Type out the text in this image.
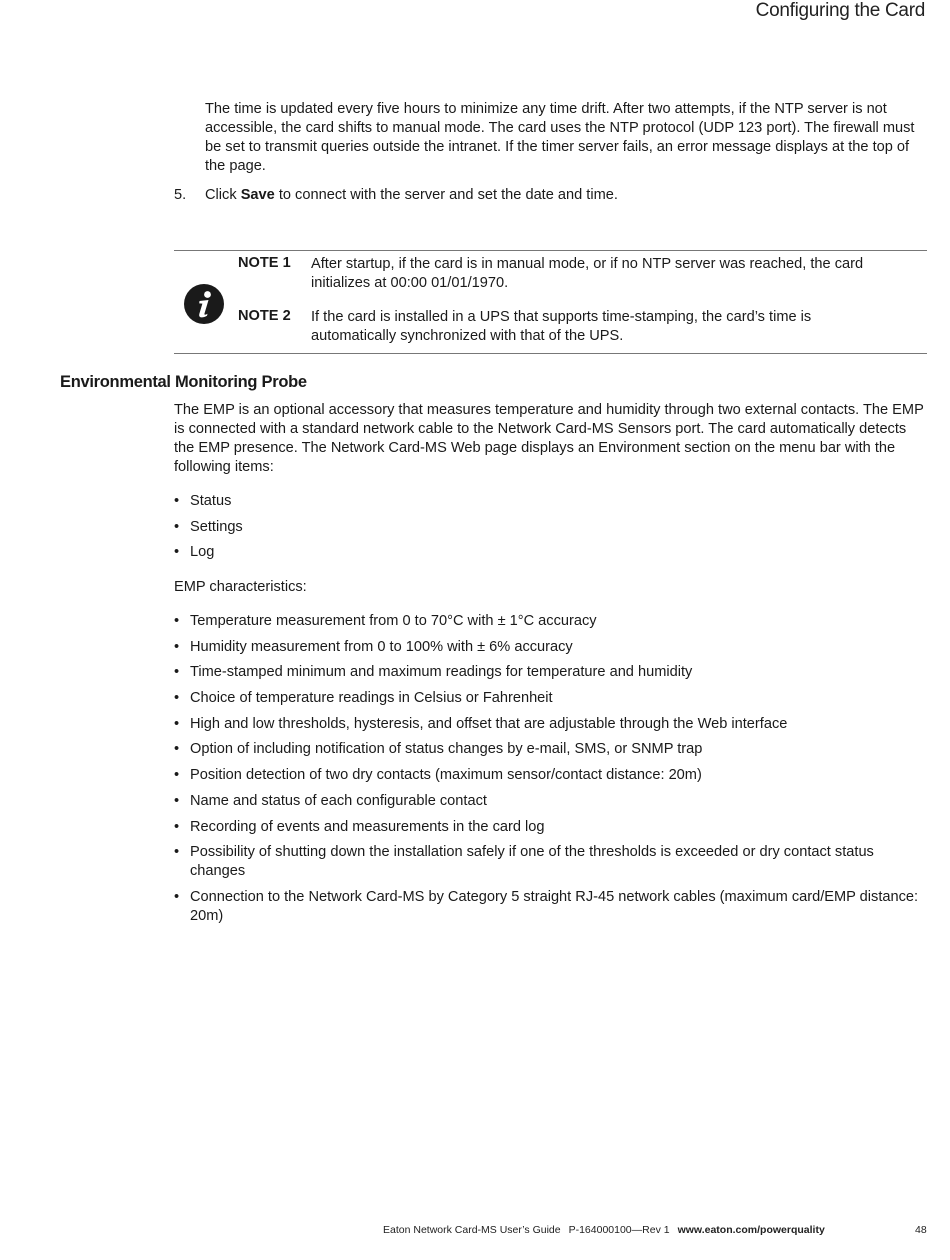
Configuring the Card

The time is updated every five hours to minimize any time drift. After two attempts, if the NTP server is not accessible, the card shifts to manual mode. The card uses the NTP protocol (UDP 123 port). The firewall must be set to transmit queries outside the intranet. If the timer server fails, an error message displays at the top of the page.

5. Click Save to connect with the server and set the date and time.
NOTE 1 After startup, if the card is in manual mode, or if no NTP server was reached, the card initializes at 00:00 01/01/1970.
NOTE 2 If the card is installed in a UPS that supports time-stamping, the card’s time is automatically synchronized with that of the UPS.
Environmental Monitoring Probe

The EMP is an optional accessory that measures temperature and humidity through two external contacts. The EMP is connected with a standard network cable to the Network Card-MS Sensors port. The card automatically detects the EMP presence. The Network Card-MS Web page displays an Environment section on the menu bar with the following items:

• Status
• Settings
• Log
EMP characteristics:
• Temperature measurement from 0 to 70°C with ± 1°C accuracy
• Humidity measurement from 0 to 100% with ± 6% accuracy
• Time-stamped minimum and maximum readings for temperature and humidity
• Choice of temperature readings in Celsius or Fahrenheit
• High and low thresholds, hysteresis, and offset that are adjustable through the Web interface
• Option of including notification of status changes by e-mail, SMS, or SNMP trap
• Position detection of two dry contacts (maximum sensor/contact distance: 20m)
• Name and status of each configurable contact
• Recording of events and measurements in the card log
• Possibility of shutting down the installation safely if one of the thresholds is exceeded or dry contact status changes
• Connection to the Network Card-MS by Category 5 straight RJ-45 network cables (maximum card/EMP distance: 20m)
Eaton Network Card-MS User’s Guide P-164000100—Rev 1 www.eaton.com/powerquality	48
